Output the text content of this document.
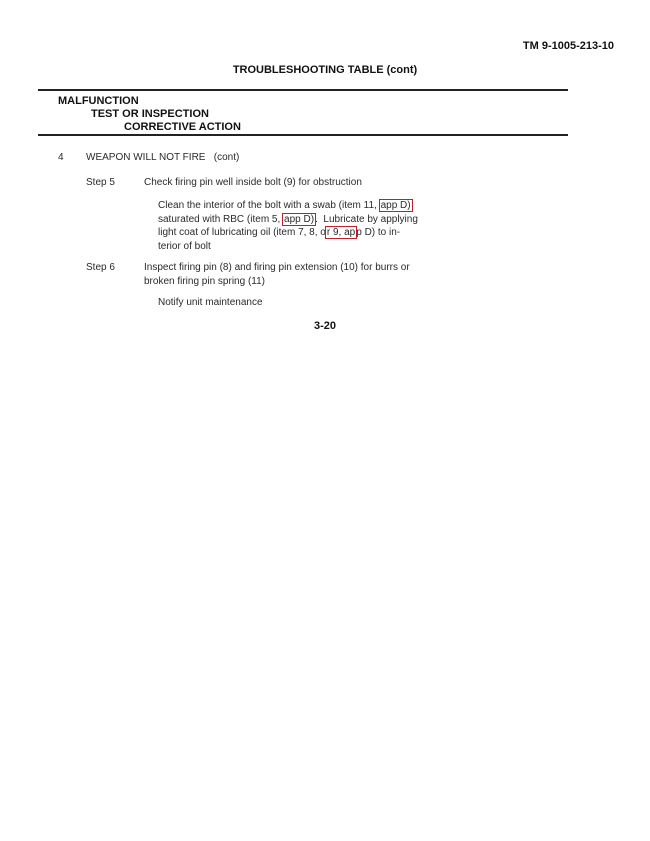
TM 9-1005-213-10
TROUBLESHOOTING TABLE (cont)
MALFUNCTION
TEST OR INSPECTION
CORRECTIVE ACTION
4 WEAPON WILL NOT FIRE   (cont)
Step 5	Check firing pin well inside bolt (9) for obstruction
Clean the interior of the bolt with a swab (item 11, app D)
saturated with RBC (item 5, app D).  Lubricate by applying
light coat of lubricating oil (item 7, 8, or 9, app D) to in-
terior of bolt
Step 6	Inspect firing pin (8) and firing pin extension (10) for burrs or
broken firing pin spring (11)
Notify unit maintenance
3-20
